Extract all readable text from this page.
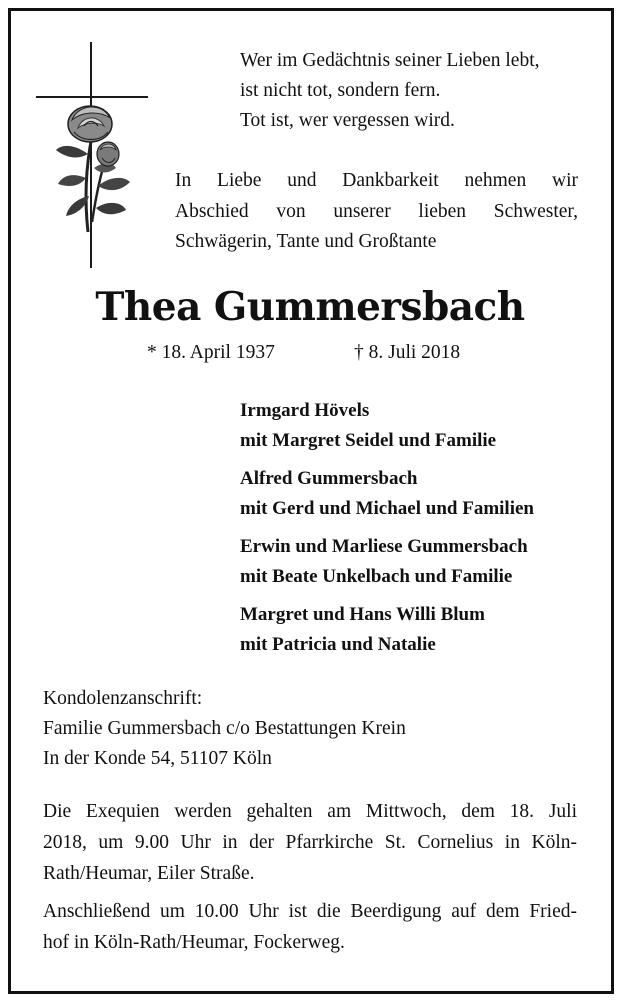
Wer im Gedächtnis seiner Lieben lebt,
ist nicht tot, sondern fern.
Tot ist, wer vergessen wird.
In Liebe und Dankbarkeit nehmen wir
Abschied von unserer lieben Schwester,
Schwägerin, Tante und Großtante
Thea Gummersbach
* 18. April 1937	† 8. Juli 2018
Irmgard Hövels
mit Margret Seidel und Familie
Alfred Gummersbach
mit Gerd und Michael und Familien
Erwin und Marliese Gummersbach
mit Beate Unkelbach und Familie
Margret und Hans Willi Blum
mit Patricia und Natalie
Kondolenzanschrift:
Familie Gummersbach c/o Bestattungen Krein
In der Konde 54, 51107 Köln
Die Exequien werden gehalten am Mittwoch, dem 18. Juli
2018, um 9.00 Uhr in der Pfarrkirche St. Cornelius in Köln-
Rath/Heumar, Eiler Straße.
Anschließend um 10.00 Uhr ist die Beerdigung auf dem Fried-
hof in Köln-Rath/Heumar, Fockerweg.
